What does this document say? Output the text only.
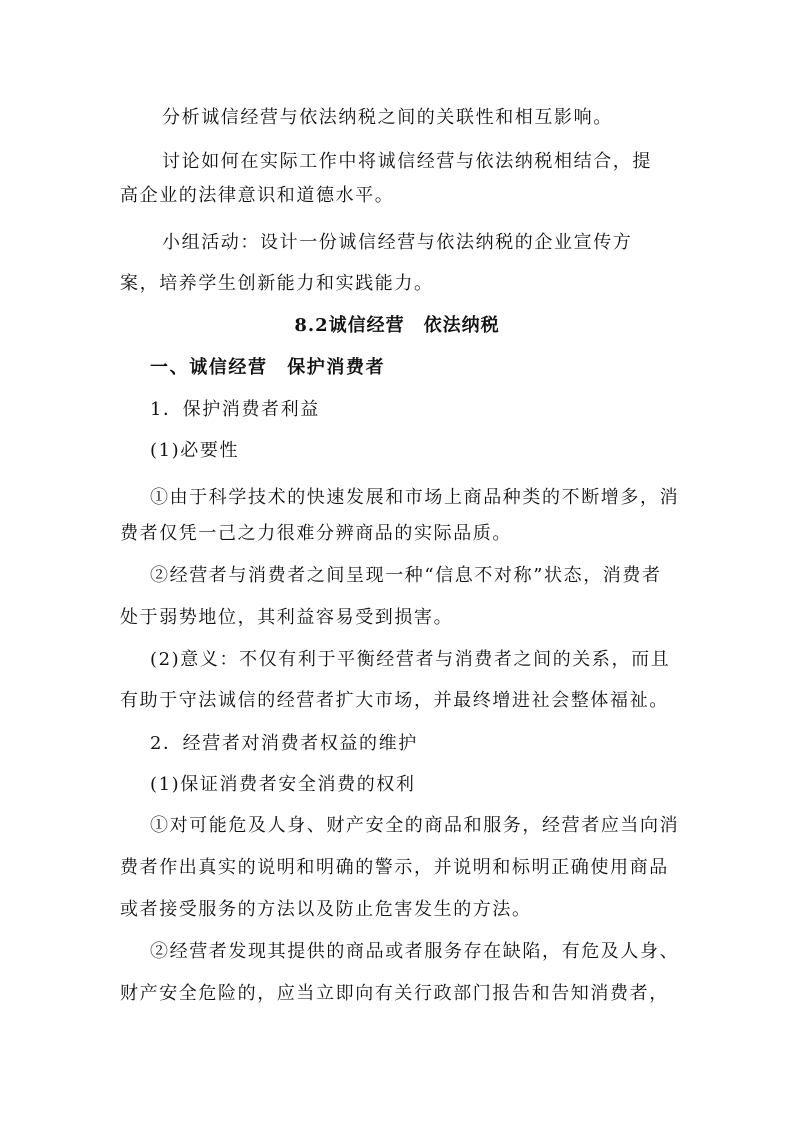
分析诚信经营与依法纳税之间的关联性和相互影响。
讨论如何在实际工作中将诚信经营与依法纳税相结合，提
高企业的法律意识和道德水平。
小组活动：设计一份诚信经营与依法纳税的企业宣传方
案，培养学生创新能力和实践能力。
8.2诚信经营　依法纳税
一、诚信经营　保护消费者
1．保护消费者利益
(1)必要性
①由于科学技术的快速发展和市场上商品种类的不断增多，消
费者仅凭一己之力很难分辨商品的实际品质。
②经营者与消费者之间呈现一种“信息不对称”状态，消费者
处于弱势地位，其利益容易受到损害。
(2)意义：不仅有利于平衡经营者与消费者之间的关系，而且
有助于守法诚信的经营者扩大市场，并最终增进社会整体福祉。
2．经营者对消费者权益的维护
(1)保证消费者安全消费的权利
①对可能危及人身、财产安全的商品和服务，经营者应当向消
费者作出真实的说明和明确的警示，并说明和标明正确使用商品
或者接受服务的方法以及防止危害发生的方法。
②经营者发现其提供的商品或者服务存在缺陷，有危及人身、
财产安全危险的，应当立即向有关行政部门报告和告知消费者，
